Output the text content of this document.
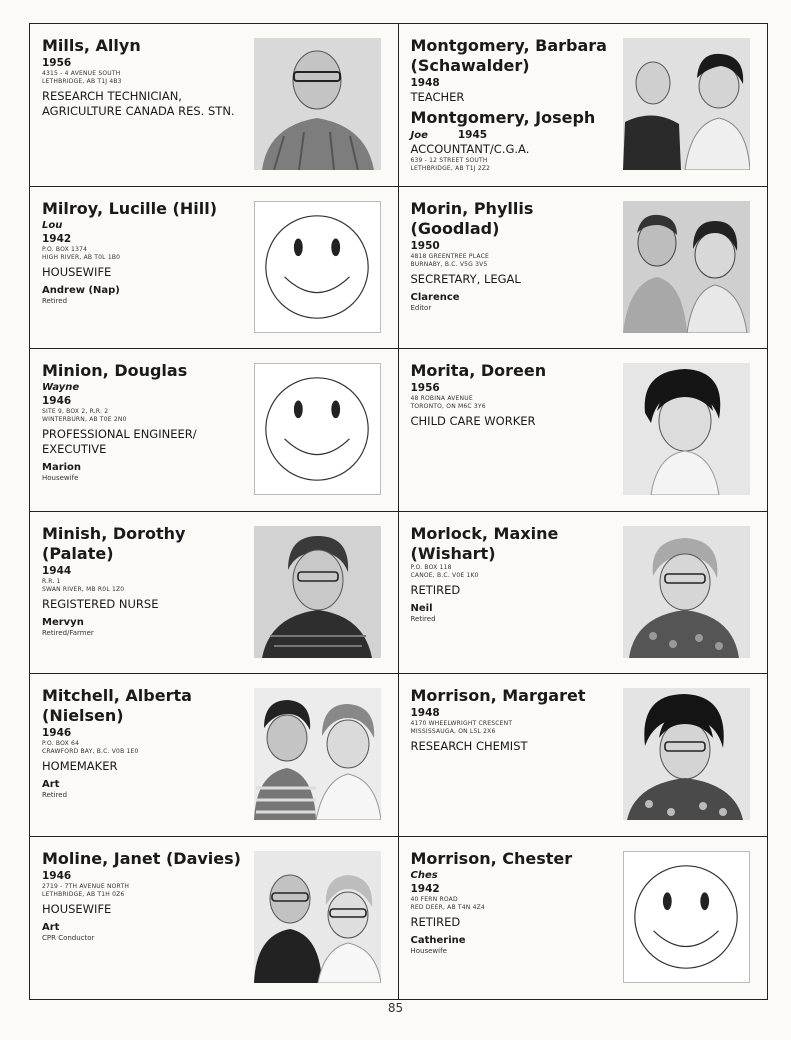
Mills, Allyn
1956
4315 - 4 AVENUE SOUTH
LETHBRIDGE, AB T1J 4B3
RESEARCH TECHNICIAN,
AGRICULTURE CANADA RES. STN.
Montgomery, Barbara
(Schawalder)
1948
TEACHER
Montgomery, Joseph
Joe	1945
ACCOUNTANT/C.G.A.
639 - 12 STREET SOUTH
LETHBRIDGE, AB T1J 2Z2
Milroy, Lucille (Hill)
Lou
1942
P.O. BOX 1374
HIGH RIVER, AB T0L 1B0
HOUSEWIFE
Andrew (Nap)
Retired
Morin, Phyllis
(Goodlad)
1950
4818 GREENTREE PLACE
BURNABY, B.C. V5G 3V5
SECRETARY, LEGAL
Clarence
Editor
Minion, Douglas
Wayne
1946
SITE 9, BOX 2, R.R. 2
WINTERBURN, AB T0E 2N0
PROFESSIONAL ENGINEER/
EXECUTIVE
Marion
Housewife
Morita, Doreen
1956
48 ROBINA AVENUE
TORONTO, ON M6C 3Y6
CHILD CARE WORKER
Minish, Dorothy
(Palate)
1944
R.R. 1
SWAN RIVER, MB R0L 1Z0
REGISTERED NURSE
Mervyn
Retired/Farmer
Morlock, Maxine
(Wishart)
P.O. BOX 118
CANOE, B.C. V0E 1K0
RETIRED
Neil
Retired
Mitchell, Alberta
(Nielsen)
1946
P.O. BOX 64
CRAWFORD BAY, B.C. V0B 1E0
HOMEMAKER
Art
Retired
Morrison, Margaret
1948
4170 WHEELWRIGHT CRESCENT
MISSISSAUGA, ON L5L 2X6
RESEARCH CHEMIST
Moline, Janet (Davies)
1946
2719 - 7TH AVENUE NORTH
LETHBRIDGE, AB T1H 0Z6
HOUSEWIFE
Art
CPR Conductor
Morrison, Chester
Ches
1942
40 FERN ROAD
RED DEER, AB T4N 4Z4
RETIRED
Catherine
Housewife
85
